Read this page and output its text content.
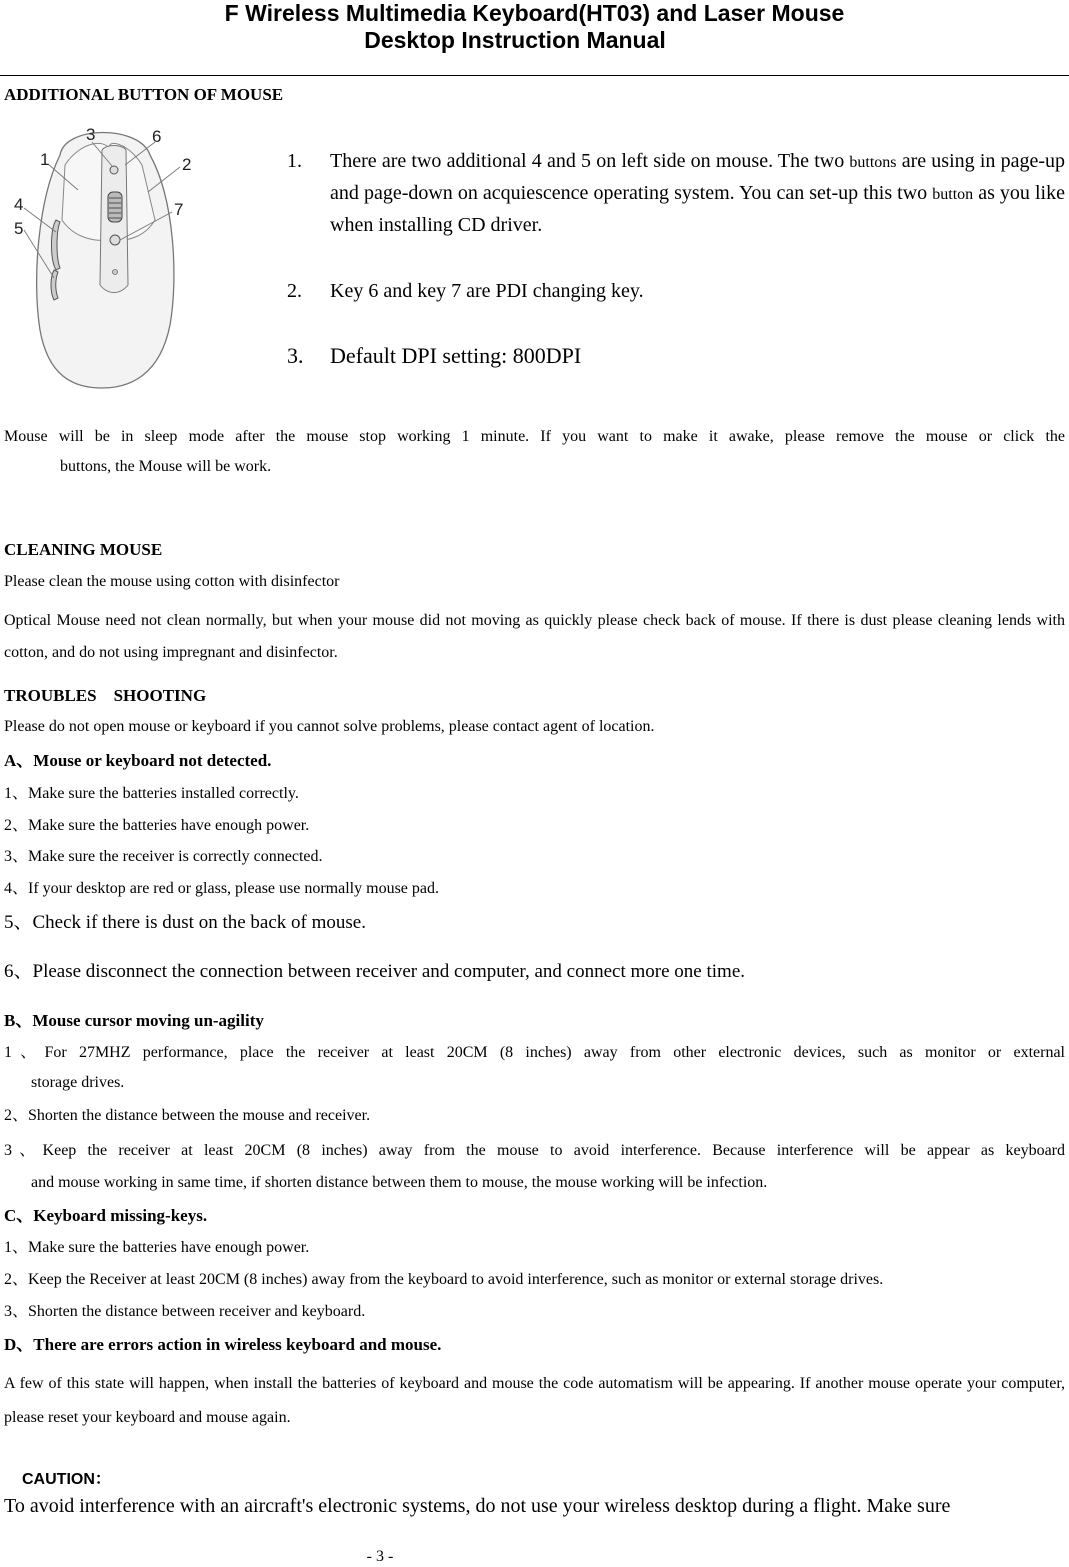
F Wireless Multimedia Keyboard(HT03) and Laser Mouse
Desktop Instruction Manual
ADDITIONAL BUTTON OF MOUSE
1	2
3
4
5
6
7
1. There are two additional 4 and 5 on left side on mouse. The two buttons are using in page-up and page-down on acquiescence operating system. You can set-up this two button as you like when installing CD driver.
2. Key 6 and key 7 are PDI changing key.
3. Default DPI setting: 800DPI
Mouse will be in sleep mode after the mouse stop working 1 minute. If you want to make it awake, please remove the mouse or click the
buttons, the Mouse will be work.
CLEANING MOUSE
Please clean the mouse using cotton with disinfector
Optical Mouse need not clean normally, but when your mouse did not moving as quickly please check back of mouse. If there is dust please cleaning lends with cotton, and do not using impregnant and disinfector.
TROUBLES　SHOOTING
Please do not open mouse or keyboard if you cannot solve problems, please contact agent of location.
A、Mouse or keyboard not detected.
1、Make sure the batteries installed correctly.
2、Make sure the batteries have enough power.
3、Make sure the receiver is correctly connected.
4、If your desktop are red or glass, please use normally mouse pad.
5、Check if there is dust on the back of mouse.
6、Please disconnect the connection between receiver and computer, and connect more one time.
B、Mouse cursor moving un-agility
1、For 27MHZ performance, place the receiver at least 20CM (8 inches) away from other electronic devices, such as monitor or external
storage drives.
2、Shorten the distance between the mouse and receiver.
3、Keep the receiver at least 20CM (8 inches) away from the mouse to avoid interference. Because interference will be appear as keyboard
and mouse working in same time, if shorten distance between them to mouse, the mouse working will be infection.
C、Keyboard missing-keys.
1、Make sure the batteries have enough power.
2、Keep the Receiver at least 20CM (8 inches) away from the keyboard to avoid interference, such as monitor or external storage drives.
3、Shorten the distance between receiver and keyboard.
D、There are errors action in wireless keyboard and mouse.
A few of this state will happen, when install the batteries of keyboard and mouse the code automatism will be appearing. If another mouse operate your computer, please reset your keyboard and mouse again.
CAUTION：
To avoid interference with an aircraft's electronic systems, do not use your wireless desktop during a flight. Make sure
- 3 -
